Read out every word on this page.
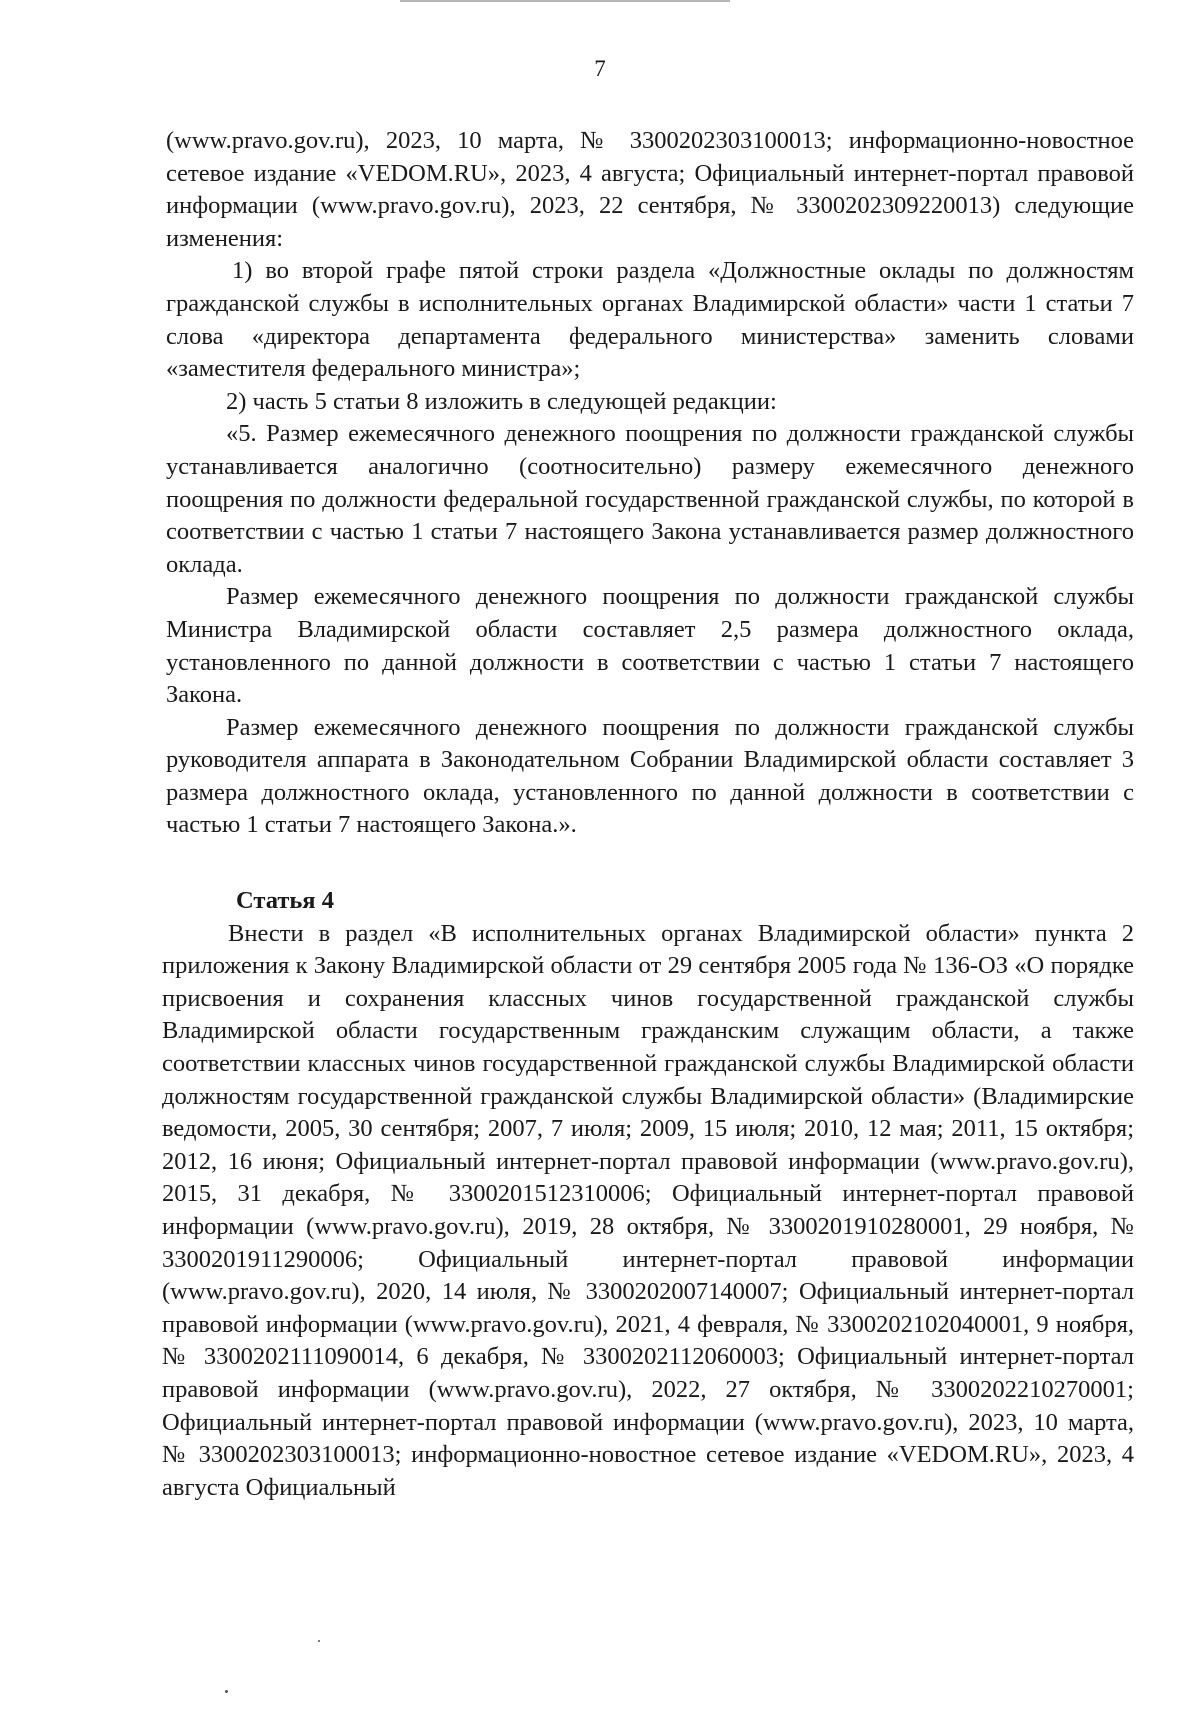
7

(www.pravo.gov.ru), 2023, 10 марта, № 3300202303100013; информационно-новостное сетевое издание «VEDOM.RU», 2023, 4 августа; Официальный интернет-портал правовой информации (www.pravo.gov.ru), 2023, 22 сентября, № 3300202309220013) следующие изменения:

1) во второй графе пятой строки раздела «Должностные оклады по должностям гражданской службы в исполнительных органах Владимирской области» части 1 статьи 7 слова «директора департамента федерального министерства» заменить словами «заместителя федерального министра»;

2) часть 5 статьи 8 изложить в следующей редакции:

«5. Размер ежемесячного денежного поощрения по должности гражданской службы устанавливается аналогично (соотносительно) размеру ежемесячного денежного поощрения по должности федеральной государственной гражданской службы, по которой в соответствии с частью 1 статьи 7 настоящего Закона устанавливается размер должностного оклада.

Размер ежемесячного денежного поощрения по должности гражданской службы Министра Владимирской области составляет 2,5 размера должностного оклада, установленного по данной должности в соответствии с частью 1 статьи 7 настоящего Закона.

Размер ежемесячного денежного поощрения по должности гражданской службы руководителя аппарата в Законодательном Собрании Владимирской области составляет 3 размера должностного оклада, установленного по данной должности в соответствии с частью 1 статьи 7 настоящего Закона.».

Статья 4

Внести в раздел «В исполнительных органах Владимирской области» пункта 2 приложения к Закону Владимирской области от 29 сентября 2005 года № 136-ОЗ «О порядке присвоения и сохранения классных чинов государственной гражданской службы Владимирской области государственным гражданским служащим области, а также соответствии классных чинов государственной гражданской службы Владимирской области должностям государственной гражданской службы Владимирской области» (Владимирские ведомости, 2005, 30 сентября; 2007, 7 июля; 2009, 15 июля; 2010, 12 мая; 2011, 15 октября; 2012, 16 июня; Официальный интернет-портал правовой информации (www.pravo.gov.ru), 2015, 31 декабря, № 3300201512310006; Официальный интернет-портал правовой информации (www.pravo.gov.ru), 2019, 28 октября, № 3300201910280001, 29 ноября, № 3300201911290006; Официальный интернет-портал правовой информации (www.pravo.gov.ru), 2020, 14 июля, № 3300202007140007; Официальный интернет-портал правовой информации (www.pravo.gov.ru), 2021, 4 февраля, № 3300202102040001, 9 ноября, № 3300202111090014, 6 декабря, № 3300202112060003; Официальный интернет-портал правовой информации (www.pravo.gov.ru), 2022, 27 октября, № 3300202210270001; Официальный интернет-портал правовой информации (www.pravo.gov.ru), 2023, 10 марта, № 3300202303100013; информационно-новостное сетевое издание «VEDOM.RU», 2023, 4 августа Официальный
